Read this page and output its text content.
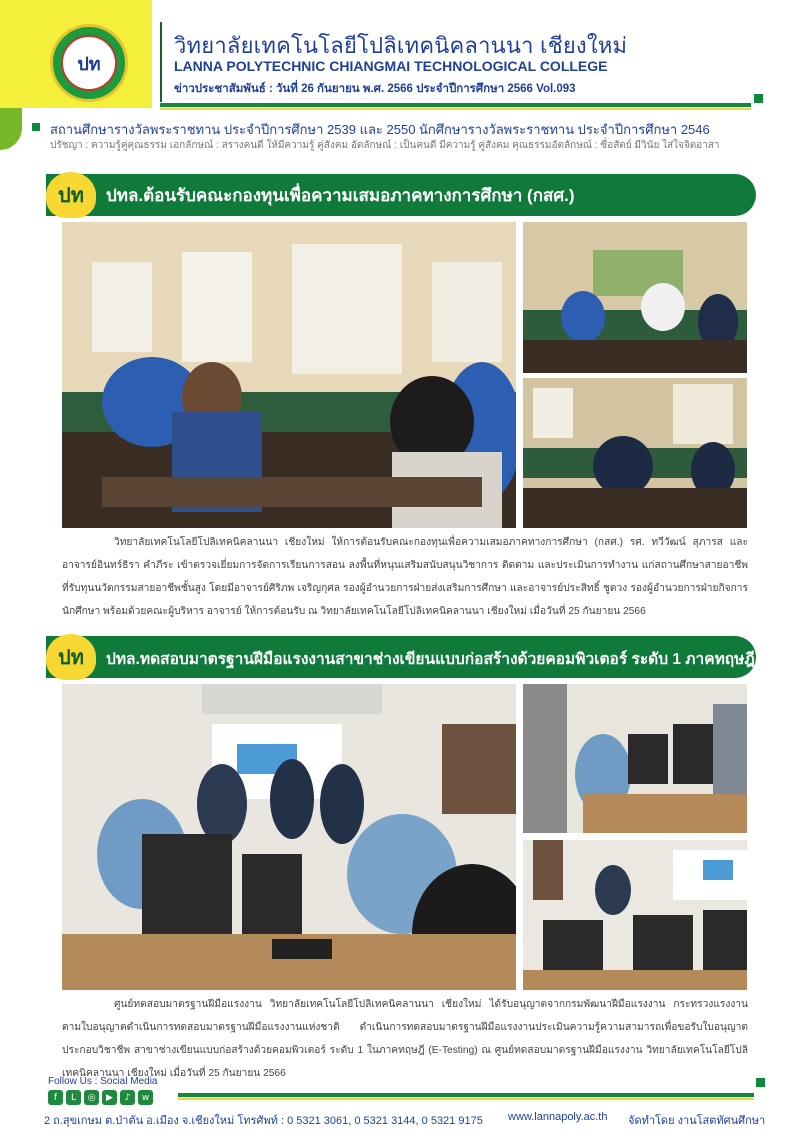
ปท
วิทยาลัยเทคโนโลยีโปลิเทคนิคลานนา เชียงใหม่
LANNA POLYTECHNIC CHIANGMAI TECHNOLOGICAL COLLEGE
ข่าวประชาสัมพันธ์ : วันที่ 26 กันยายน พ.ศ. 2566 ประจำปีการศึกษา 2566 Vol.093
สถานศึกษารางวัลพระราชทาน ประจำปีการศึกษา 2539 และ 2550 นักศึกษารางวัลพระราชทาน ประจำปีการศึกษา 2546
ปรัชญา : ความรู้คู่คุณธรรม เอกลักษณ์ : สรางคนดี ให้มีความรู้ คู่สังคม อัตลักษณ์ : เป็นคนดี มีความรู้ คู่สังคม คุณธรรมอัตลักษณ์ : ซื่อสัตย์ มีวินัย ใส่ใจจิตอาสา
ปท ปทล.ต้อนรับคณะกองทุนเพื่อความเสมอภาคทางการศึกษา (กสศ.)

วิทยาลัยเทคโนโลยีโปลิเทคนิคลานนา เชียงใหม่ ให้การต้อนรับคณะกองทุนเพื่อความเสมอภาคทางการศึกษา (กสศ.) รศ. ทวีวัฒน์ สุภารส และ อาจารย์อินทร์ธิรา คำภีระ เข้าตรวจเยี่ยมการจัดการเรียนการสอน ลงพื้นที่หนุนเสริมสนับสนุนวิชาการ ติดตาม และประเมินการทำงาน แก่สถานศึกษาสายอาชีพที่รับทุนนวัตกรรมสายอาชีพชั้นสูง โดยมีอาจารย์ศิริภพ เจริญกุศล รองผู้อำนวยการฝ่ายส่งเสริมการศึกษา และอาจารย์ประสิทธิ์ ชูดวง รองผู้อำนวยการฝ่ายกิจการนักศึกษา พร้อมด้วยคณะผู้บริหาร อาจารย์ ให้การต้อนรับ ณ วิทยาลัยเทคโนโลยีโปลิเทคนิคลานนา เชียงใหม่ เมื่อวันที่ 25 กันยายน 2566

ปท ปทล.ทดสอบมาตรฐานฝีมือแรงงานสาขาช่างเขียนแบบก่อสร้างด้วยคอมพิวเตอร์ ระดับ 1 ภาคทฤษฎี

ศูนย์ทดสอบมาตรฐานฝีมือแรงงาน วิทยาลัยเทคโนโลยีโปลิเทคนิคลานนา เชียงใหม่ ได้รับอนุญาตจากกรมพัฒนาฝีมือแรงงาน กระทรวงแรงงาน ตามใบอนุญาตดำเนินการทดสอบมาตรฐานฝีมือแรงงานแห่งชาติ ดำเนินการทดสอบมาตรฐานฝีมือแรงงานประเมินความรู้ความสามารถเพื่อขอรับใบอนุญาตประกอบวิชาชีพ สาขาช่างเขียนแบบก่อสร้างด้วยคอมพิวเตอร์ ระดับ 1 ในภาคทฤษฎี (E-Testing) ณ ศูนย์ทดสอบมาตรฐานฝีมือแรงงาน วิทยาลัยเทคโนโลยีโปลิเทคนิคลานนา เชียงใหม่ เมื่อวันที่ 25 กันยายน 2566

Follow Us : Social Media
f	L	◎	▶	♪	w
2 ถ.สุขเกษม ต.ป่าตัน อ.เมือง จ.เชียงใหม่ โทรศัพท์ : 0 5321 3061, 0 5321 3144, 0 5321 9175 www.lannapoly.ac.th จัดทำโดย งานโสตทัศนศึกษา
